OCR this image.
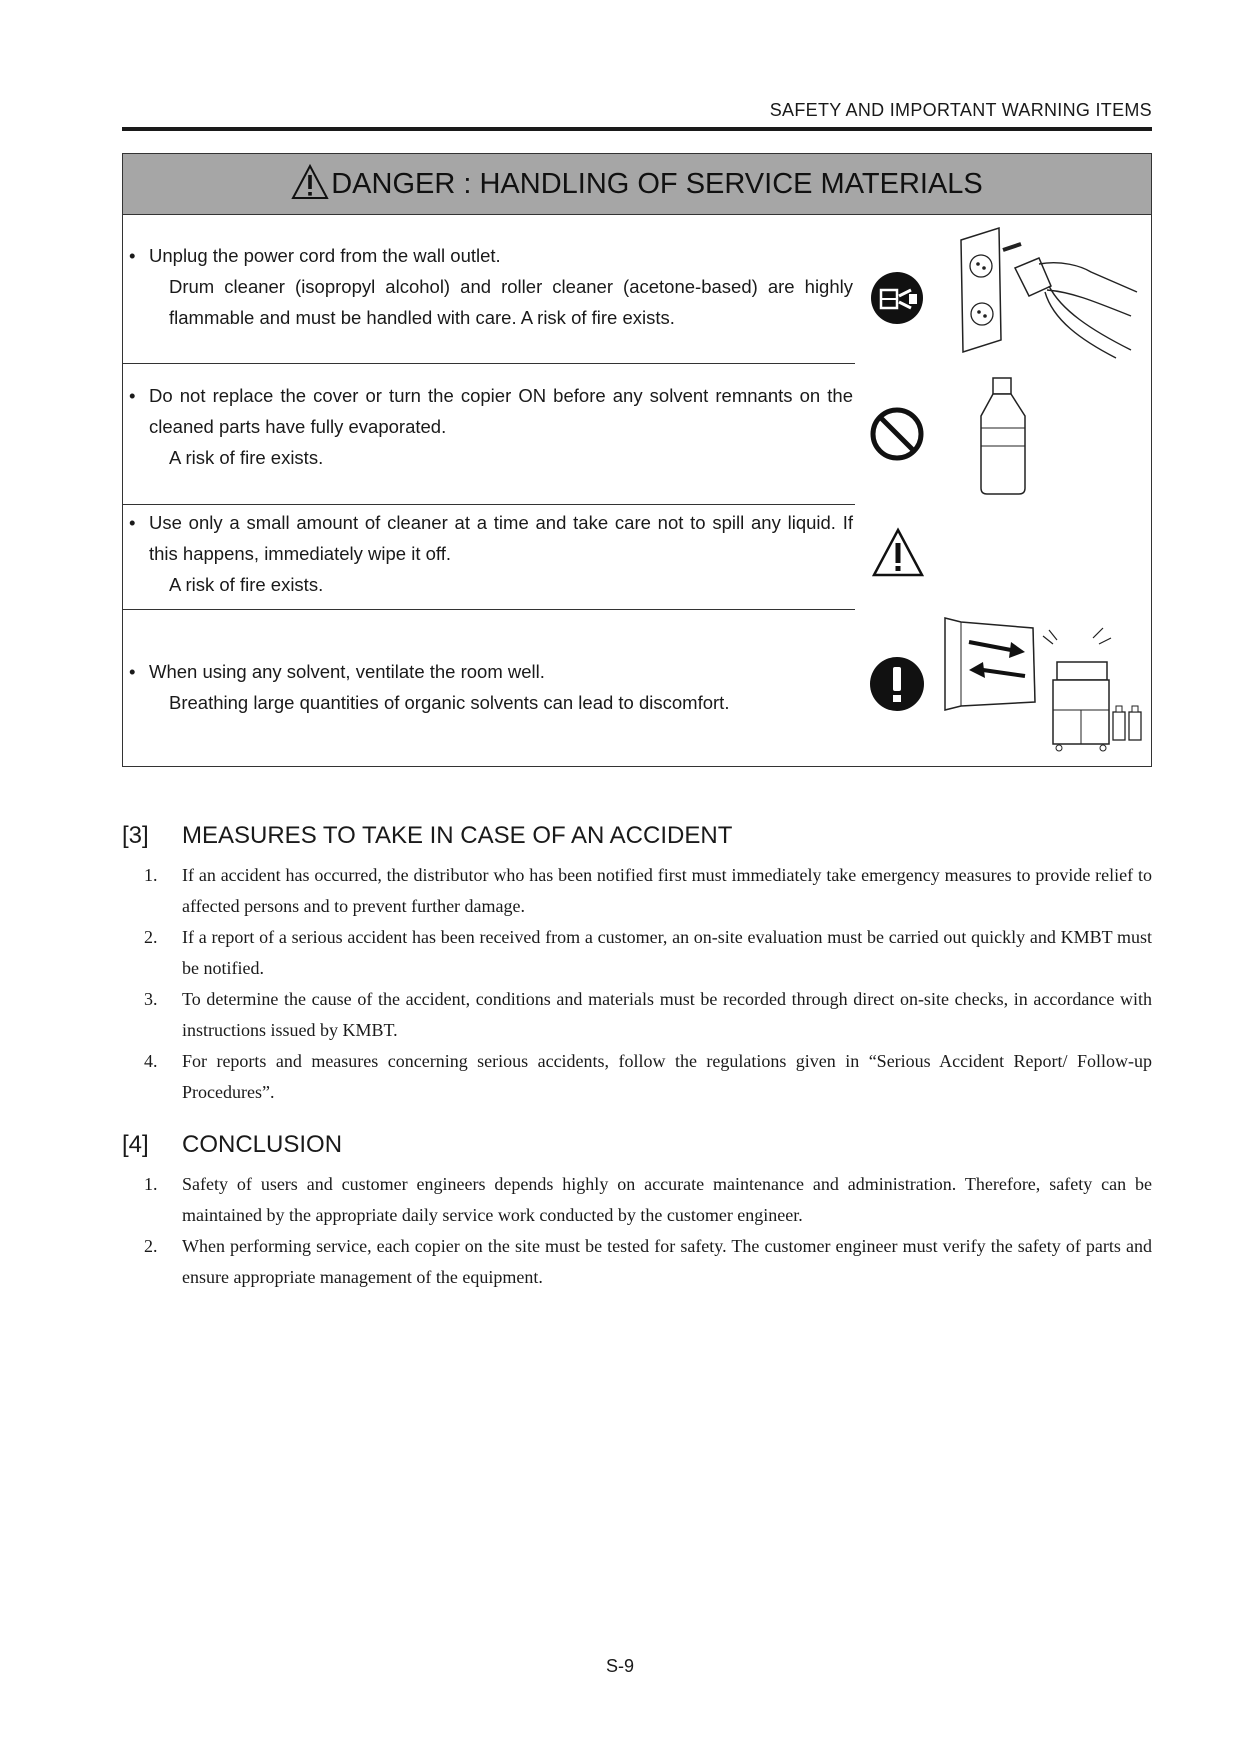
SAFETY AND IMPORTANT WARNING ITEMS
DANGER : HANDLING OF SERVICE MATERIALS
• Unplug the power cord from the wall outlet.
Drum cleaner (isopropyl alcohol) and roller cleaner (acetone-based) are highly flammable and must be handled with care. A risk of fire exists.
• Do not replace the cover or turn the copier ON before any solvent remnants on the cleaned parts have fully evaporated.
A risk of fire exists.
• Use only a small amount of cleaner at a time and take care not to spill any liquid. If this happens, immediately wipe it off.
A risk of fire exists.
• When using any solvent, ventilate the room well.
Breathing large quantities of organic solvents can lead to discomfort.
[3] MEASURES TO TAKE IN CASE OF AN ACCIDENT
1. If an accident has occurred, the distributor who has been notified first must immediately take emergency measures to provide relief to affected persons and to prevent further damage.
2. If a report of a serious accident has been received from a customer, an on-site evaluation must be carried out quickly and KMBT must be notified.
3. To determine the cause of the accident, conditions and materials must be recorded through direct on-site checks, in accordance with instructions issued by KMBT.
4. For reports and measures concerning serious accidents, follow the regulations given in “Serious Accident Report/ Follow-up Procedures”.
[4] CONCLUSION
1. Safety of users and customer engineers depends highly on accurate maintenance and administration. Therefore, safety can be maintained by the appropriate daily service work conducted by the customer engineer.
2. When performing service, each copier on the site must be tested for safety. The customer engineer must verify the safety of parts and ensure appropriate management of the equipment.
S-9
